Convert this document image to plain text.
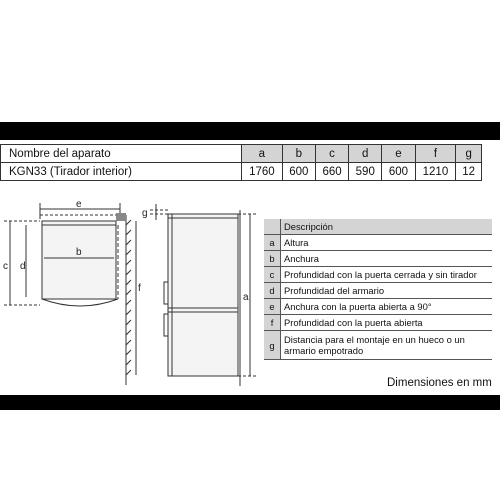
Nombre del aparato	a	b	c	d	e	f	g
KGN33 (Tirador interior)	1760	600	660	590	600	1210	12
e
b
c d
f
g
a
	Descripción
a	Altura
b	Anchura
c	Profundidad con la puerta cerrada y sin tirador
d	Profundidad del armario
e	Anchura con la puerta abierta a 90°
f	Profundidad con la puerta abierta
g	Distancia para el montaje en un hueco o un armario empotrado
Dimensiones en mm
